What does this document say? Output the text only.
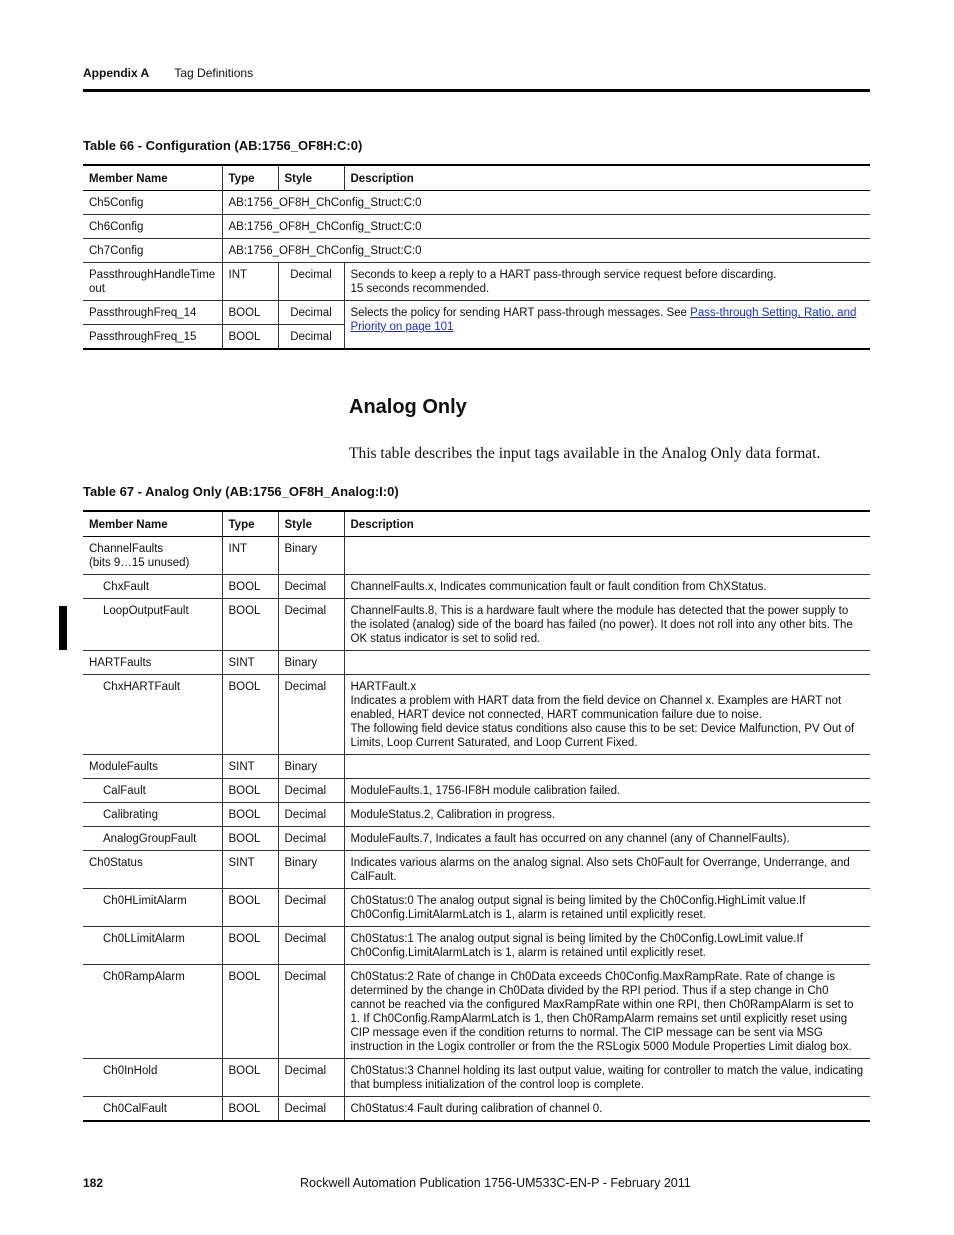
Appendix A Tag Definitions
Table 66 - Configuration (AB:1756_OF8H:C:0)
Member Name	Type	Style	Description
Ch5Config	AB:1756_OF8H_ChConfig_Struct:C:0		
Ch6Config	AB:1756_OF8H_ChConfig_Struct:C:0		
Ch7Config	AB:1756_OF8H_ChConfig_Struct:C:0		
PassthroughHandleTime out	INT	Decimal	Seconds to keep a reply to a HART pass-through service request before discarding.
15 seconds recommended.
PassthroughFreq_14	BOOL	Decimal	Selects the policy for sending HART pass-through messages. See Pass-through Setting, Ratio, and Priority on page 101
PassthroughFreq_15	BOOL	Decimal	
Analog Only
This table describes the input tags available in the Analog Only data format.
Table 67 - Analog Only (AB:1756_OF8H_Analog:I:0)
Member Name	Type	Style	Description
ChannelFaults
(bits 9…15 unused)	INT	Binary	
ChxFault	BOOL	Decimal	ChannelFaults.x, Indicates communication fault or fault condition from ChXStatus.
LoopOutputFault	BOOL	Decimal	ChannelFaults.8, This is a hardware fault where the module has detected that the power supply to the isolated (analog) side of the board has failed (no power). It does not roll into any other bits. The OK status indicator is set to solid red.
HARTFaults	SINT	Binary	
ChxHARTFault	BOOL	Decimal	HARTFault.x
Indicates a problem with HART data from the field device on Channel x. Examples are HART not enabled, HART device not connected, HART communication failure due to noise.
The following field device status conditions also cause this to be set: Device Malfunction, PV Out of Limits, Loop Current Saturated, and Loop Current Fixed.
ModuleFaults	SINT	Binary	
CalFault	BOOL	Decimal	ModuleFaults.1, 1756-IF8H module calibration failed.
Calibrating	BOOL	Decimal	ModuleStatus.2, Calibration in progress.
AnalogGroupFault	BOOL	Decimal	ModuleFaults.7, Indicates a fault has occurred on any channel (any of ChannelFaults).
Ch0Status	SINT	Binary	Indicates various alarms on the analog signal. Also sets Ch0Fault for Overrange, Underrange, and CalFault.
Ch0HLimitAlarm	BOOL	Decimal	Ch0Status:0 The analog output signal is being limited by the Ch0Config.HighLimit value.If Ch0Config.LimitAlarmLatch is 1, alarm is retained until explicitly reset.
Ch0LLimitAlarm	BOOL	Decimal	Ch0Status:1 The analog output signal is being limited by the Ch0Config.LowLimit value.If Ch0Config.LimitAlarmLatch is 1, alarm is retained until explicitly reset.
Ch0RampAlarm	BOOL	Decimal	Ch0Status:2 Rate of change in Ch0Data exceeds Ch0Config.MaxRampRate. Rate of change is determined by the change in Ch0Data divided by the RPI period. Thus if a step change in Ch0 cannot be reached via the configured MaxRampRate within one RPI, then Ch0RampAlarm is set to 1. If Ch0Config.RampAlarmLatch is 1, then Ch0RampAlarm remains set until explicitly reset using CIP message even if the condition returns to normal. The CIP message can be sent via MSG instruction in the Logix controller or from the the RSLogix 5000 Module Properties Limit dialog box.
Ch0InHold	BOOL	Decimal	Ch0Status:3 Channel holding its last output value, waiting for controller to match the value, indicating that bumpless initialization of the control loop is complete.
Ch0CalFault	BOOL	Decimal	Ch0Status:4 Fault during calibration of channel 0.
182	Rockwell Automation Publication 1756-UM533C-EN-P - February 2011
